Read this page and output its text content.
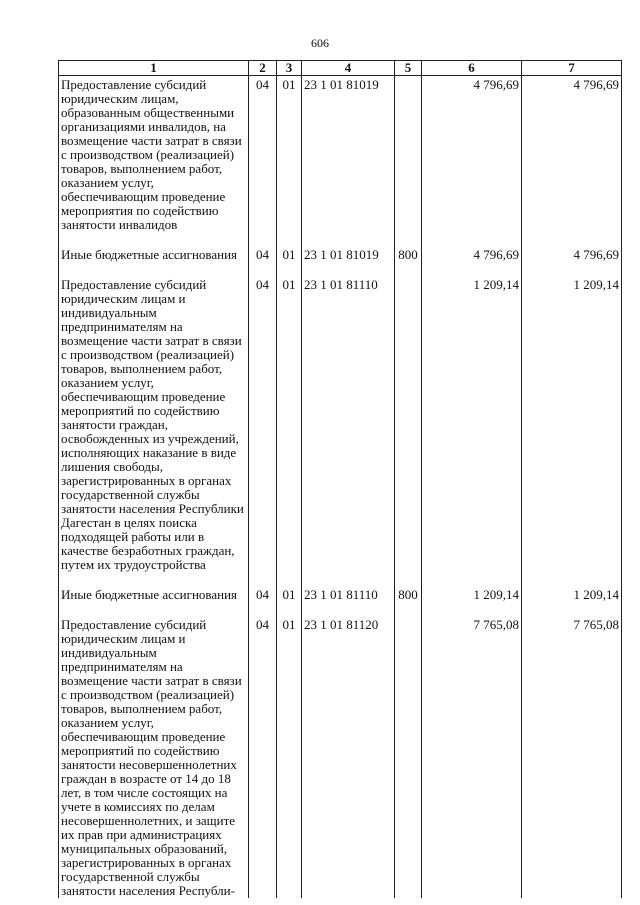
606
1	2	3	4	5	6	7
Предоставление субсидий юридическим лицам, образованным общественными организациями инвалидов, на возмещение части затрат в связи с производством (реализацией) товаров, выполнением работ, оказанием услуг, обеспечивающим проведение мероприятия по содействию занятости инвалидов	04	01	23 1 01 81019		4 796,69	4 796,69
Иные бюджетные ассигнования	04	01	23 1 01 81019	800	4 796,69	4 796,69
Предоставление субсидий юридическим лицам и индивидуальным предпринимателям на возмещение части затрат в связи с производством (реализацией) товаров, выполнением работ, оказанием услуг, обеспечивающим проведение мероприятий по содействию занятости граждан, освобожденных из учреждений, исполняющих наказание в виде лишения свободы, зарегистрированных в органах государственной службы занятости населения Республики Дагестан в целях поиска подходящей работы или в качестве безработных граждан, путем их трудоустройства	04	01	23 1 01 81110		1 209,14	1 209,14
Иные бюджетные ассигнования	04	01	23 1 01 81110	800	1 209,14	1 209,14
Предоставление субсидий юридическим лицам и индивидуальным предпринимателям на возмещение части затрат в связи с производством (реализацией) товаров, выполнением работ, оказанием услуг, обеспечивающим проведение мероприятий по содействию занятости несовершеннолетних граждан в возрасте от 14 до 18 лет, в том числе состоящих на учете в комиссиях по делам несовершеннолетних, и защите их прав при администрациях муниципальных образований, зарегистрированных в органах государственной службы занятости населения Республи-	04	01	23 1 01 81120		7 765,08	7 765,08
